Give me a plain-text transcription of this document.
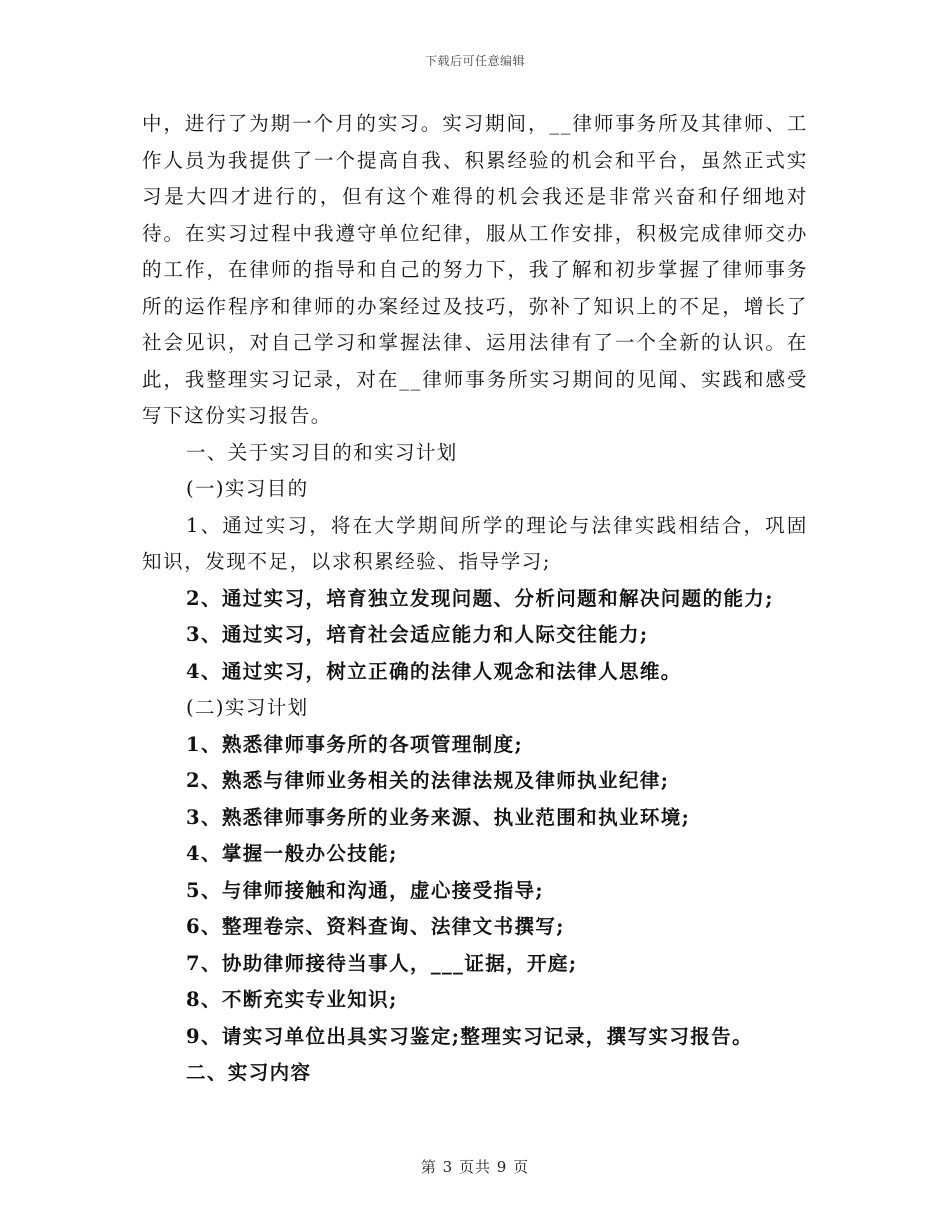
下载后可任意编辑

中，进行了为期一个月的实习。实习期间，__律师事务所及其律师、工作人员为我提供了一个提高自我、积累经验的机会和平台，虽然正式实习是大四才进行的，但有这个难得的机会我还是非常兴奋和仔细地对待。在实习过程中我遵守单位纪律，服从工作安排，积极完成律师交办的工作，在律师的指导和自己的努力下，我了解和初步掌握了律师事务所的运作程序和律师的办案经过及技巧，弥补了知识上的不足，增长了社会见识，对自己学习和掌握法律、运用法律有了一个全新的认识。在此，我整理实习记录，对在__律师事务所实习期间的见闻、实践和感受写下这份实习报告。

一、关于实习目的和实习计划

(一)实习目的

1、通过实习，将在大学期间所学的理论与法律实践相结合，巩固知识，发现不足，以求积累经验、指导学习;

2、通过实习，培育独立发现问题、分析问题和解决问题的能力;

3、通过实习，培育社会适应能力和人际交往能力;

4、通过实习，树立正确的法律人观念和法律人思维。

(二)实习计划

1、熟悉律师事务所的各项管理制度;

2、熟悉与律师业务相关的法律法规及律师执业纪律;

3、熟悉律师事务所的业务来源、执业范围和执业环境;

4、掌握一般办公技能;

5、与律师接触和沟通，虚心接受指导;

6、整理卷宗、资料查询、法律文书撰写;

7、协助律师接待当事人，___证据，开庭;

8、不断充实专业知识;

9、请实习单位出具实习鉴定;整理实习记录，撰写实习报告。

二、实习内容

第 3 页共 9 页
